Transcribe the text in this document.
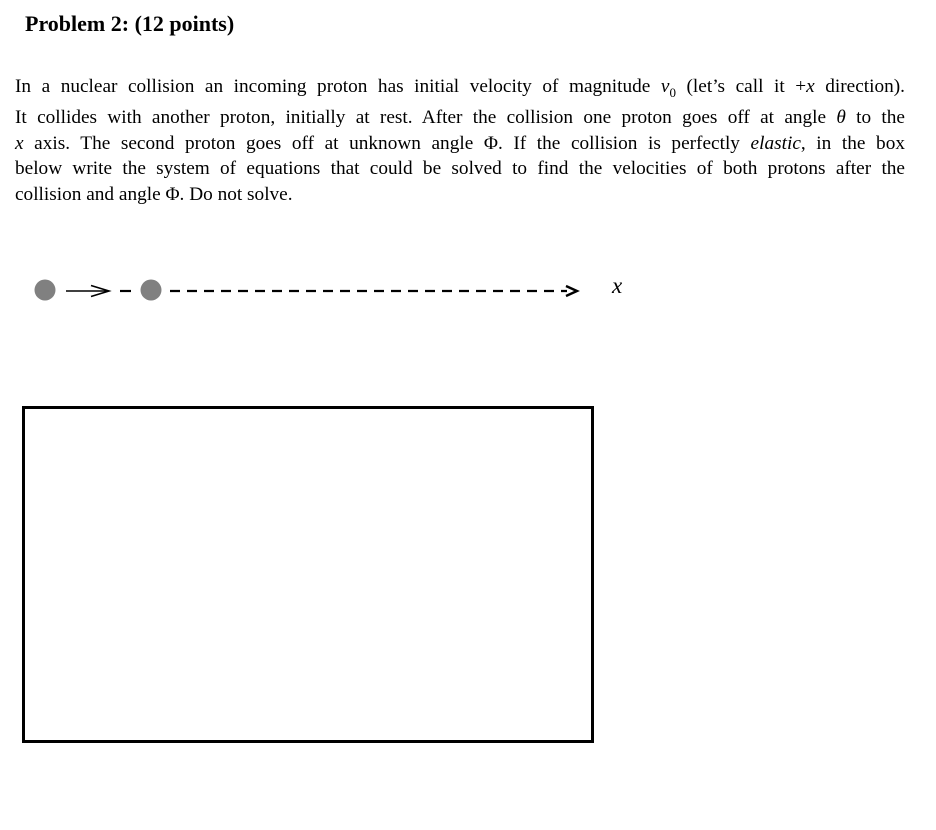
Problem 2: (12 points)
In a nuclear collision an incoming proton has initial velocity of magnitude $v_0$ (let’s call it +x direction).
It collides with another proton, initially at rest. After the collision one proton goes off at angle θ to the
x axis. The second proton goes off at unknown angle Φ. If the collision is perfectly elastic, in the box
below write the system of equations that could be solved to find the velocities of both protons after the
collision and angle Φ. Do not solve.
x
